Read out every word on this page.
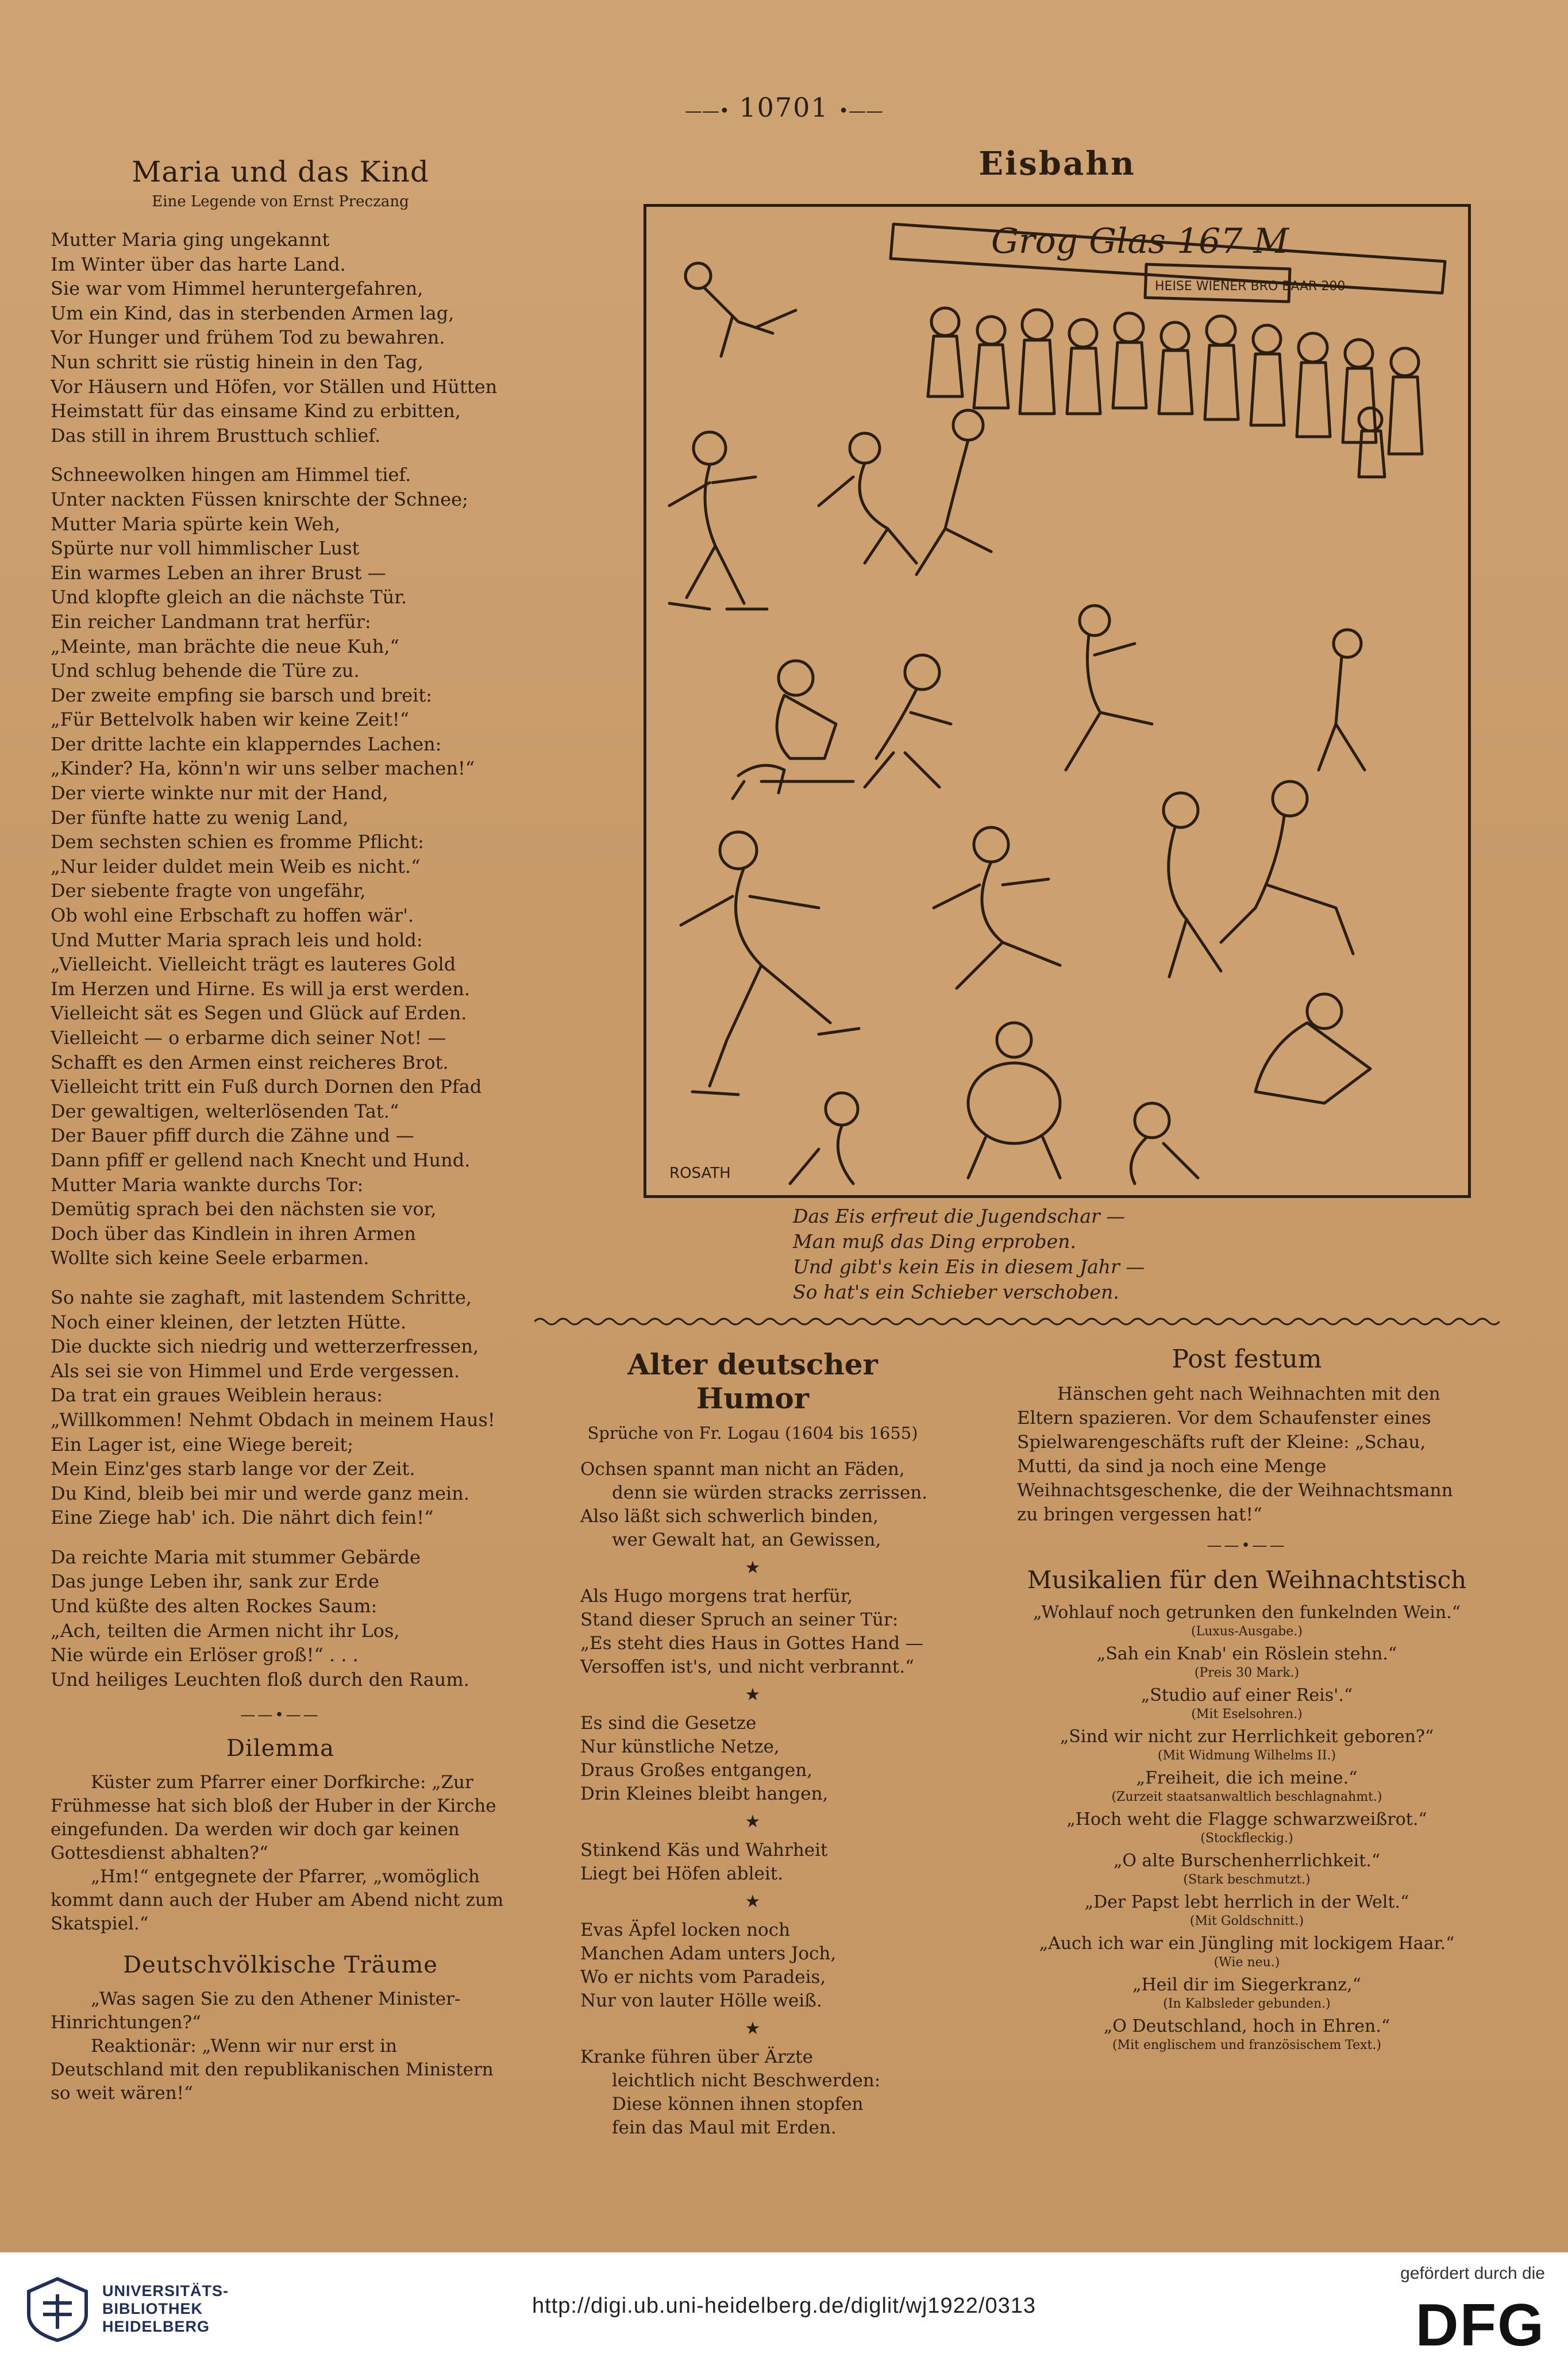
——• 10701 •——
Maria und das Kind
Eine Legende von Ernst Preczang

Mutter Maria ging ungekannt

Im Winter über das harte Land.

Sie war vom Himmel heruntergefahren,

Um ein Kind, das in sterbenden Armen lag,

Vor Hunger und frühem Tod zu bewahren.

Nun schritt sie rüstig hinein in den Tag,

Vor Häusern und Höfen, vor Ställen und Hütten

Heimstatt für das einsame Kind zu erbitten,

Das still in ihrem Brusttuch schlief.

Schneewolken hingen am Himmel tief.

Unter nackten Füssen knirschte der Schnee;

Mutter Maria spürte kein Weh,

Spürte nur voll himmlischer Lust

Ein warmes Leben an ihrer Brust —

Und klopfte gleich an die nächste Tür.

Ein reicher Landmann trat herfür:

„Meinte, man brächte die neue Kuh,“

Und schlug behende die Türe zu.

Der zweite empfing sie barsch und breit:

„Für Bettelvolk haben wir keine Zeit!“

Der dritte lachte ein klapperndes Lachen:

„Kinder? Ha, könn'n wir uns selber machen!“

Der vierte winkte nur mit der Hand,

Der fünfte hatte zu wenig Land,

Dem sechsten schien es fromme Pflicht:

„Nur leider duldet mein Weib es nicht.“

Der siebente fragte von ungefähr,

Ob wohl eine Erbschaft zu hoffen wär'.

Und Mutter Maria sprach leis und hold:

„Vielleicht. Vielleicht trägt es lauteres Gold

Im Herzen und Hirne. Es will ja erst werden.

Vielleicht sät es Segen und Glück auf Erden.

Vielleicht — o erbarme dich seiner Not! —

Schafft es den Armen einst reicheres Brot.

Vielleicht tritt ein Fuß durch Dornen den Pfad

Der gewaltigen, welterlösenden Tat.“

Der Bauer pfiff durch die Zähne und —

Dann pfiff er gellend nach Knecht und Hund.

Mutter Maria wankte durchs Tor:

Demütig sprach bei den nächsten sie vor,

Doch über das Kindlein in ihren Armen

Wollte sich keine Seele erbarmen.

So nahte sie zaghaft, mit lastendem Schritte,

Noch einer kleinen, der letzten Hütte.

Die duckte sich niedrig und wetterzerfressen,

Als sei sie von Himmel und Erde vergessen.

Da trat ein graues Weiblein heraus:

„Willkommen! Nehmt Obdach in meinem Haus!

Ein Lager ist, eine Wiege bereit;

Mein Einz'ges starb lange vor der Zeit.

Du Kind, bleib bei mir und werde ganz mein.

Eine Ziege hab' ich. Die nährt dich fein!“

Da reichte Maria mit stummer Gebärde

Das junge Leben ihr, sank zur Erde

Und küßte des alten Rockes Saum:

„Ach, teilten die Armen nicht ihr Los,

Nie würde ein Erlöser groß!“ . . .

Und heiliges Leuchten floß durch den Raum.

——•——
Dilemma

Küster zum Pfarrer einer Dorfkirche: „Zur Frühmesse hat sich bloß der Huber in der Kirche eingefunden. Da werden wir doch gar keinen Gottesdienst abhalten?“

„Hm!“ entgegnete der Pfarrer, „womöglich kommt dann auch der Huber am Abend nicht zum Skatspiel.“

Deutschvölkische Träume

„Was sagen Sie zu den Athener Minister-Hinrichtungen?“

Reaktionär: „Wenn wir nur erst in Deutschland mit den republikanischen Ministern so weit wären!“

Eisbahn
Grog Glas 167 M
HEISE WIENER BRO BAAR 200
ROSATH

Das Eis erfreut die Jugendschar —

Man muß das Ding erproben.

Und gibt's kein Eis in diesem Jahr —

So hat's ein Schieber verschoben.

Alter deutscher Humor
Sprüche von Fr. Logau (1604 bis 1655)

Ochsen spannt man nicht an Fäden,

denn sie würden stracks zerrissen.

Also läßt sich schwerlich binden,

wer Gewalt hat, an Gewissen,

★

Als Hugo morgens trat herfür,

Stand dieser Spruch an seiner Tür:

„Es steht dies Haus in Gottes Hand —

Versoffen ist's, und nicht verbrannt.“

★

Es sind die Gesetze

Nur künstliche Netze,

Draus Großes entgangen,

Drin Kleines bleibt hangen,

★

Stinkend Käs und Wahrheit

Liegt bei Höfen ableit.

★

Evas Äpfel locken noch

Manchen Adam unters Joch,

Wo er nichts vom Paradeis,

Nur von lauter Hölle weiß.

★

Kranke führen über Ärzte

leichtlich nicht Beschwerden:

Diese können ihnen stopfen

fein das Maul mit Erden.

Post festum

Hänschen geht nach Weihnachten mit den Eltern spazieren. Vor dem Schaufenster eines Spielwarengeschäfts ruft der Kleine: „Schau, Mutti, da sind ja noch eine Menge Weihnachtsgeschenke, die der Weihnachtsmann zu bringen vergessen hat!“

——•——
Musikalien für den Weihnachtstisch
„Wohlauf noch getrunken den funkelnden Wein.“
(Luxus-Ausgabe.)
„Sah ein Knab' ein Röslein stehn.“
(Preis 30 Mark.)
„Studio auf einer Reis'.“
(Mit Eselsohren.)
„Sind wir nicht zur Herrlichkeit geboren?“
(Mit Widmung Wilhelms II.)
„Freiheit, die ich meine.“
(Zurzeit staatsanwaltlich beschlagnahmt.)
„Hoch weht die Flagge schwarzweißrot.“
(Stockfleckig.)
„O alte Burschenherrlichkeit.“
(Stark beschmutzt.)
„Der Papst lebt herrlich in der Welt.“
(Mit Goldschnitt.)
„Auch ich war ein Jüngling mit lockigem Haar.“
(Wie neu.)
„Heil dir im Siegerkranz,“
(In Kalbsleder gebunden.)
„O Deutschland, hoch in Ehren.“
(Mit englischem und französischem Text.)
UNIVERSITÄTS-
BIBLIOTHEK
HEIDELBERG
http://digi.ub.uni-heidelberg.de/diglit/wj1922/0313
gefördert durch die
DFG
